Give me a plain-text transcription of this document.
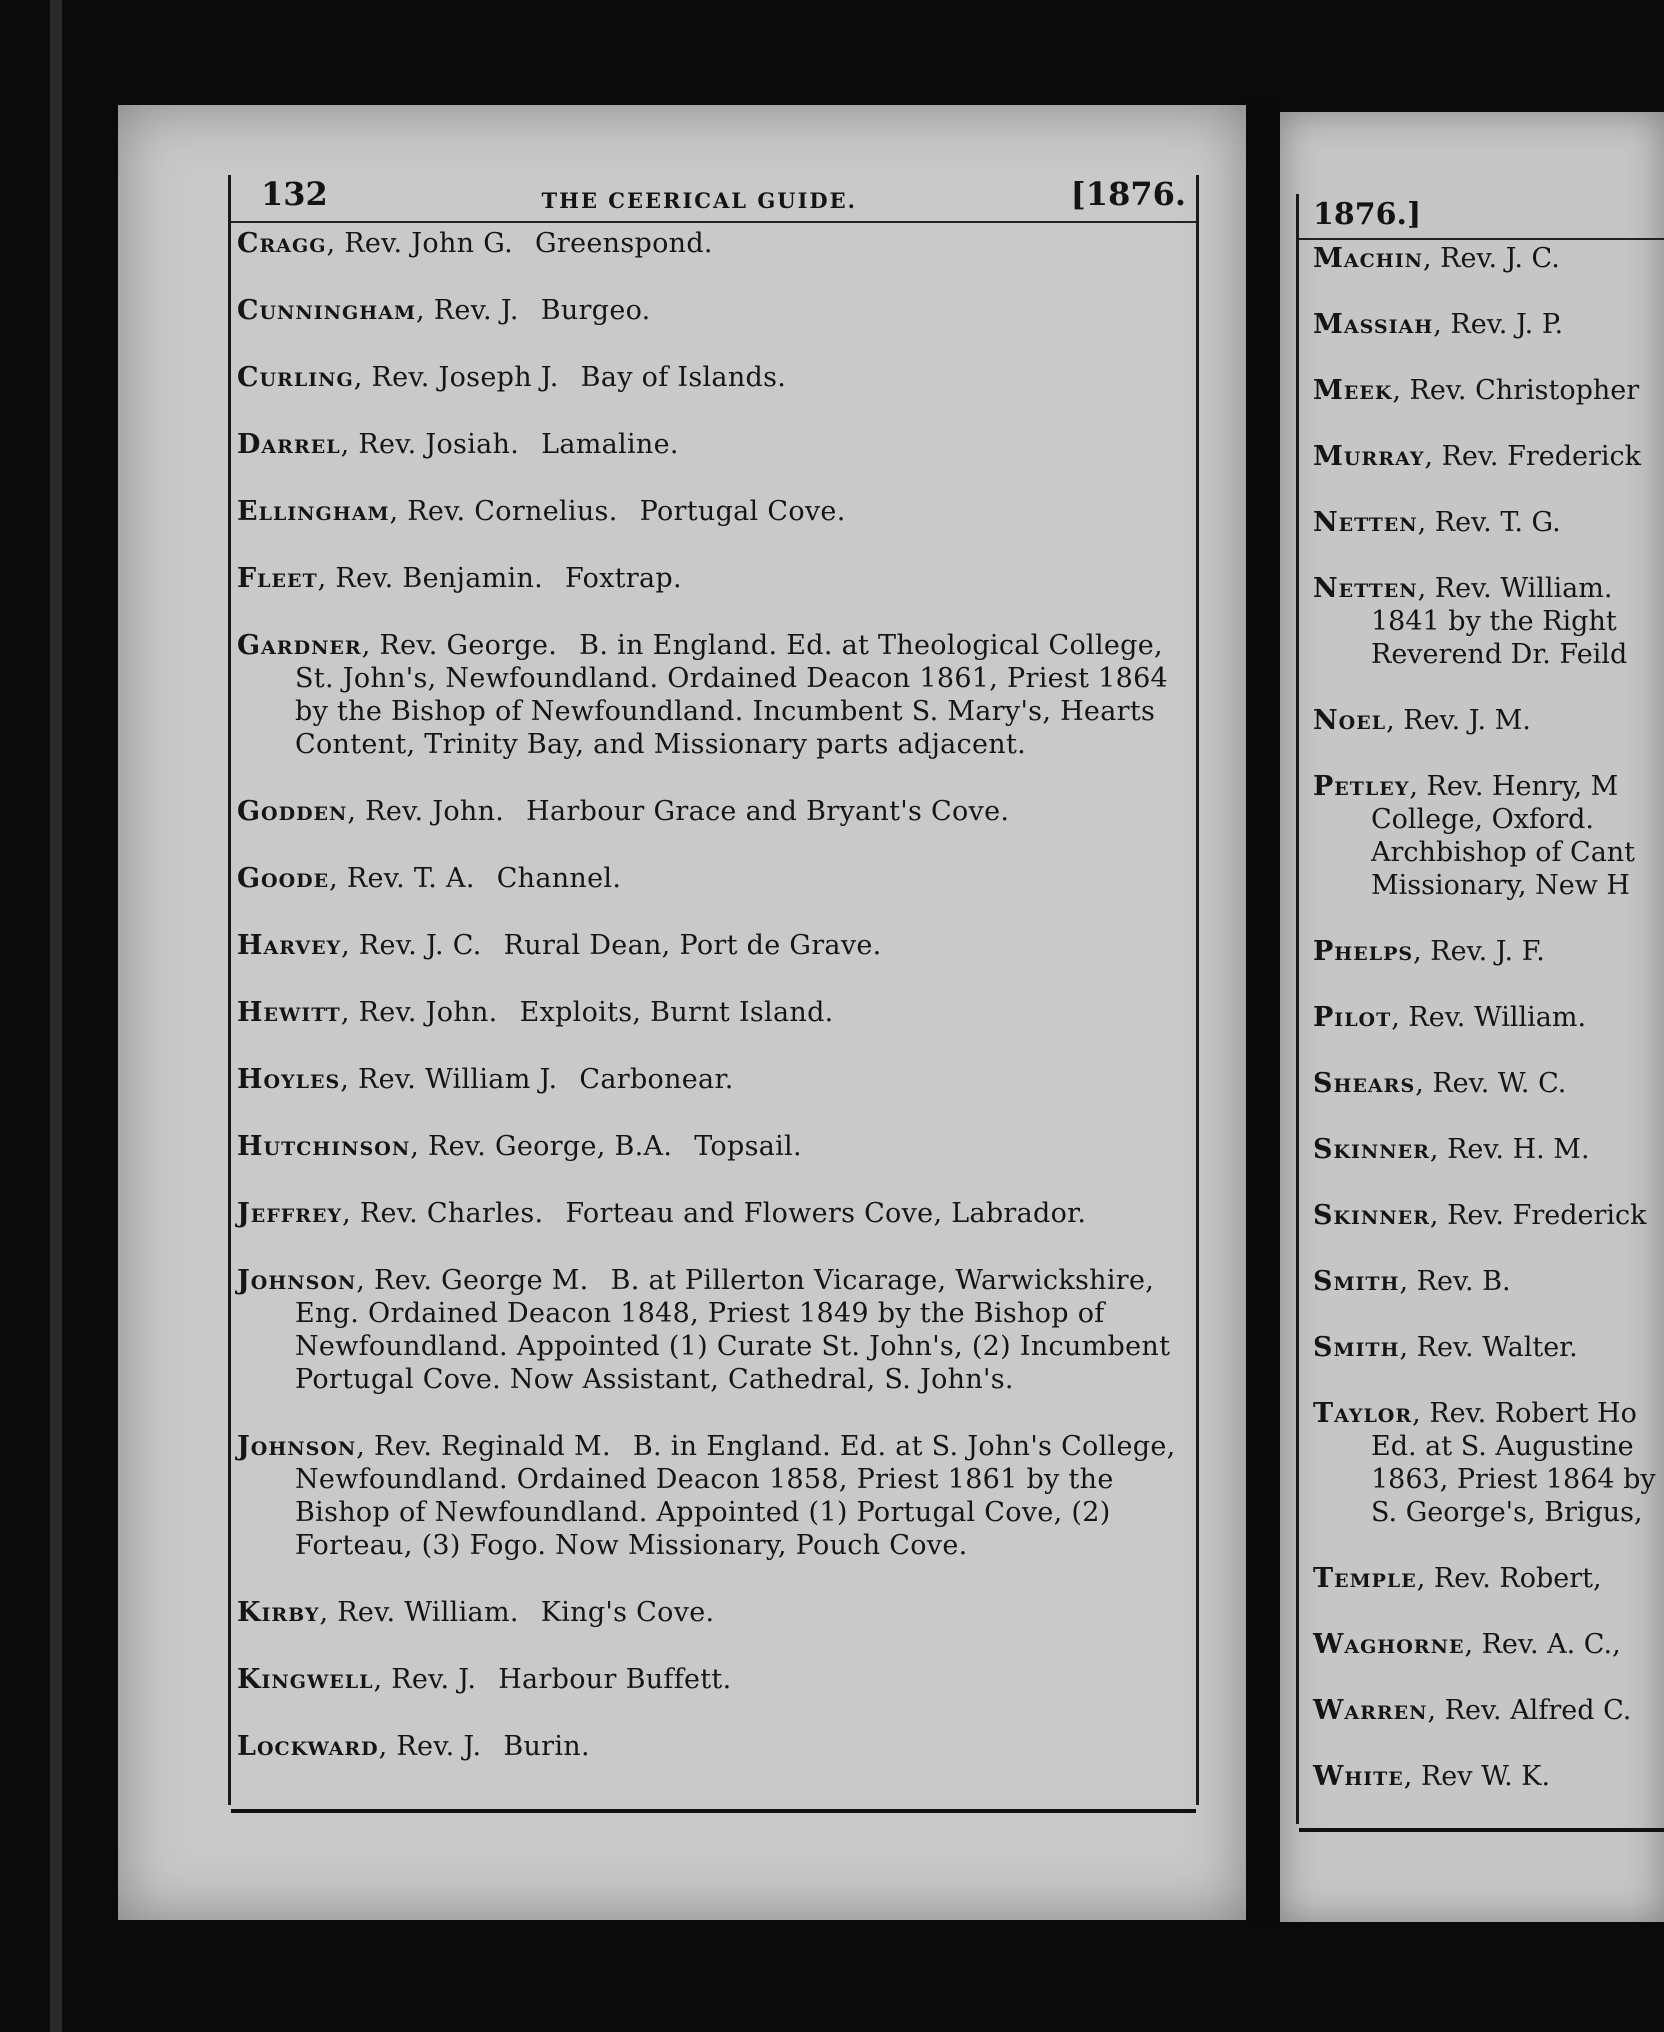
132	THE CEERICAL GUIDE.	[1876.
Cragg, Rev. John G. Greenspond.
Cunningham, Rev. J. Burgeo.
Curling, Rev. Joseph J. Bay of Islands.
Darrel, Rev. Josiah. Lamaline.
Ellingham, Rev. Cornelius. Portugal Cove.
Fleet, Rev. Benjamin. Foxtrap.
Gardner, Rev. George. B. in England. Ed. at Theological College, St. John's, Newfoundland. Ordained Deacon 1861, Priest 1864 by the Bishop of Newfoundland. Incumbent S. Mary's, Hearts Content, Trinity Bay, and Missionary parts adjacent.
Godden, Rev. John. Harbour Grace and Bryant's Cove.
Goode, Rev. T. A. Channel.
Harvey, Rev. J. C. Rural Dean, Port de Grave.
Hewitt, Rev. John. Exploits, Burnt Island.
Hoyles, Rev. William J. Carbonear.
Hutchinson, Rev. George, B.A. Topsail.
Jeffrey, Rev. Charles. Forteau and Flowers Cove, Labrador.
Johnson, Rev. George M. B. at Pillerton Vicarage, Warwickshire, Eng. Ordained Deacon 1848, Priest 1849 by the Bishop of Newfoundland. Appointed (1) Curate St. John's, (2) Incumbent Portugal Cove. Now Assistant, Cathedral, S. John's.
Johnson, Rev. Reginald M. B. in England. Ed. at S. John's College, Newfoundland. Ordained Deacon 1858, Priest 1861 by the Bishop of Newfoundland. Appointed (1) Portugal Cove, (2) Forteau, (3) Fogo. Now Missionary, Pouch Cove.
Kirby, Rev. William. King's Cove.
Kingwell, Rev. J. Harbour Buffett.
Lockward, Rev. J. Burin.
1876.]
Machin, Rev. J. C.
Massiah, Rev. J. P.
Meek, Rev. Christopher
Murray, Rev. Frederick
Netten, Rev. T. G.
Netten, Rev. William.
1841 by the Right
Reverend Dr. Feild
Noel, Rev. J. M.
Petley, Rev. Henry, M
College, Oxford.
Archbishop of Cant
Missionary, New H
Phelps, Rev. J. F.
Pilot, Rev. William.
Shears, Rev. W. C.
Skinner, Rev. H. M.
Skinner, Rev. Frederick
Smith, Rev. B.
Smith, Rev. Walter.
Taylor, Rev. Robert Ho
Ed. at S. Augustine
1863, Priest 1864 by
S. George's, Brigus,
Temple, Rev. Robert,
Waghorne, Rev. A. C.,
Warren, Rev. Alfred C.
White, Rev W. K.
